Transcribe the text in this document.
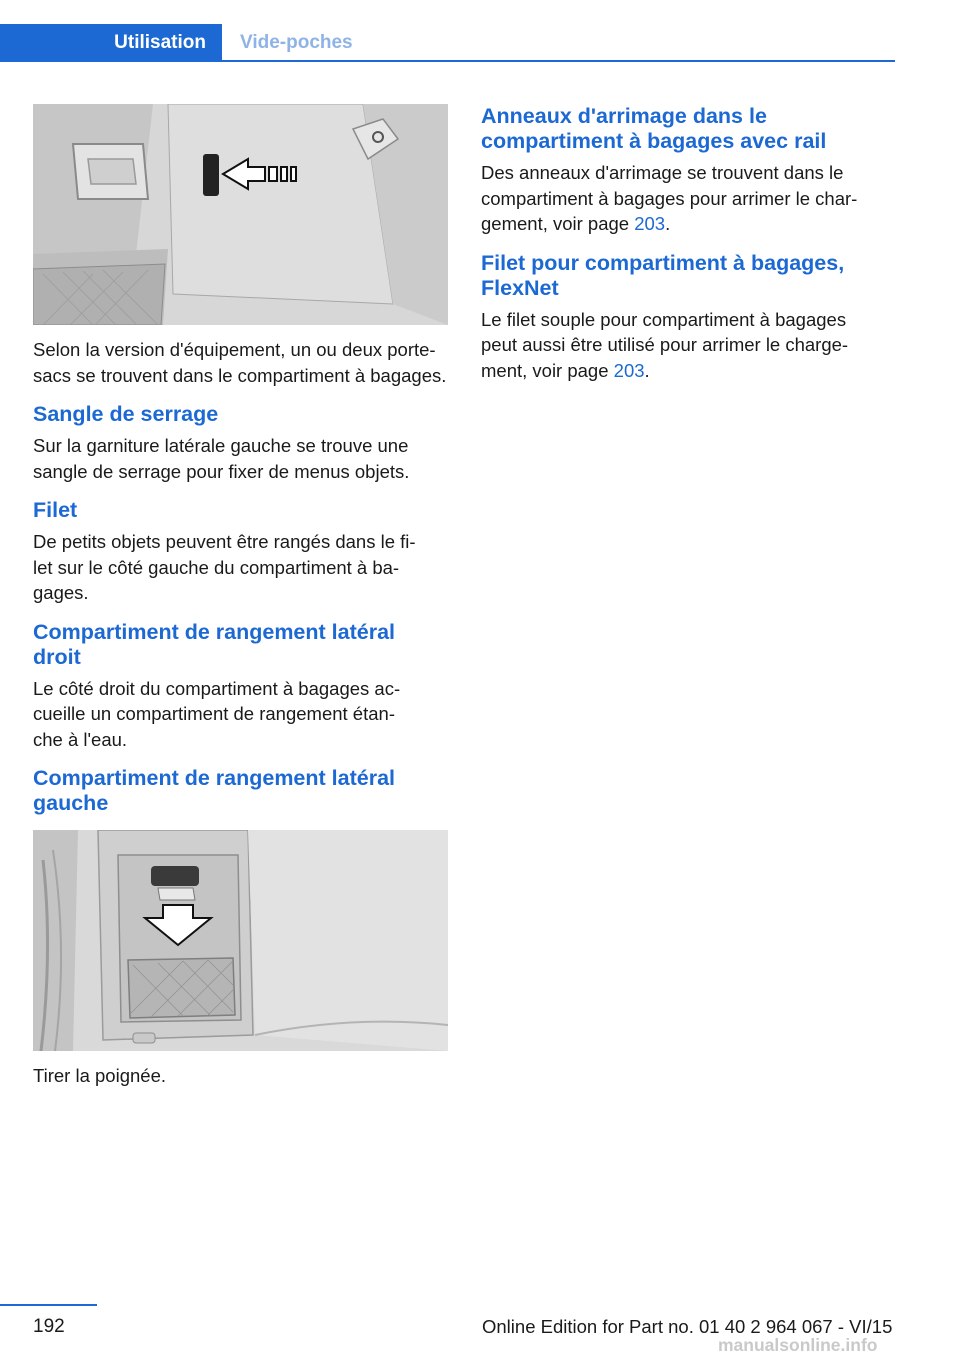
Utilisation	Vide-poches

Selon la version d'équipement, un ou deux porte-sacs se trouvent dans le compartiment à bagages.

Sangle de serrage

Sur la garniture latérale gauche se trouve une sangle de serrage pour fixer de menus objets.

Filet

De petits objets peuvent être rangés dans le fi-
let sur le côté gauche du compartiment à ba-
gages.

Compartiment de rangement latéral droit

Le côté droit du compartiment à bagages ac-
cueille un compartiment de rangement étan-
che à l'eau.

Compartiment de rangement latéral gauche

Tirer la poignée.

Anneaux d'arrimage dans le compartiment à bagages avec rail

Des anneaux d'arrimage se trouvent dans le
compartiment à bagages pour arrimer le char-
gement, voir page 203.

Filet pour compartiment à bagages, FlexNet

Le filet souple pour compartiment à bagages
peut aussi être utilisé pour arrimer le charge-
ment, voir page 203.

192	Online Edition for Part no. 01 40 2 964 067 - VI/15
manualsonline.info
